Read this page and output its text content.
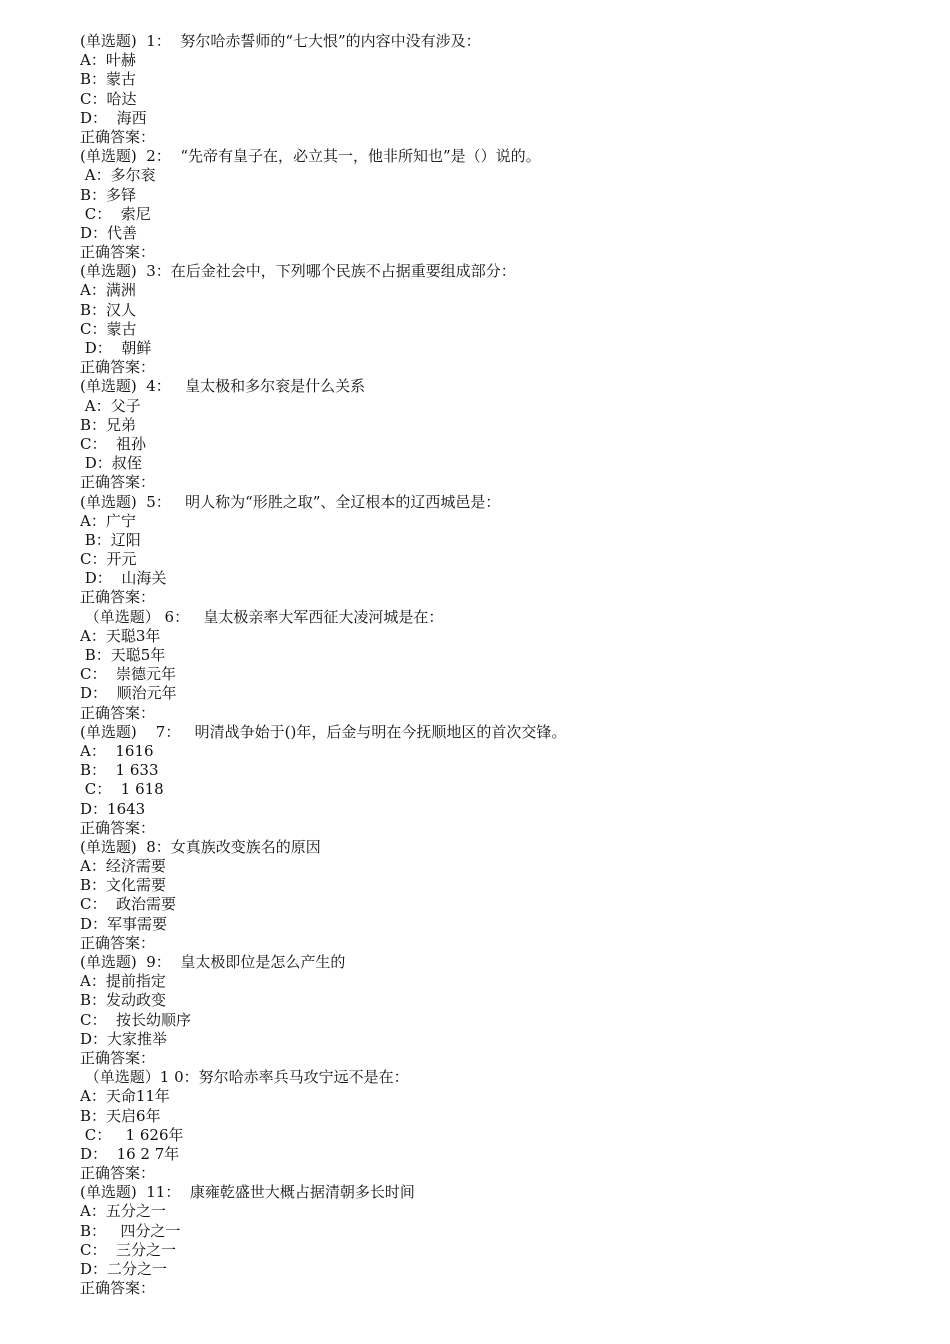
(单选题)  1：  努尔哈赤誓师的“七大恨”的内容中没有涉及：
A：叶赫
B：蒙古
C：哈达
D：  海西
正确答案：
(单选题)  2：  “先帝有皇子在，必立其一，他非所知也”是（）说的。
A：多尔衮
B：多铎
C：  索尼
D：代善
正确答案：
(单选题)  3：在后金社会中，下列哪个民族不占据重要组成部分：
A：满洲
B：汉人
C：蒙古
D：  朝鲜
正确答案：
(单选题)  4：   皇太极和多尔衮是什么关系
A：父子
B：兄弟
C：  祖孙
D：叔侄
正确答案：
(单选题)  5：   明人称为“形胜之取”、全辽根本的辽西城邑是：
A：广宁
B：辽阳
C：开元
D：  山海关
正确答案：
（单选题） 6：   皇太极亲率大军西征大凌河城是在：
A：天聪3年
B：天聪5年
C：  崇德元年
D：  顺治元年
正确答案：
(单选题)    7：   明清战争始于()年，后金与明在今抚顺地区的首次交锋。
A：  1616
B：  1 633
C：  1 618
D：1643
正确答案：
(单选题)  8：女真族改变族名的原因
A：经济需要
B：文化需要
C：  政治需要
D：军事需要
正确答案：
(单选题)  9：  皇太极即位是怎么产生的
A：提前指定
B：发动政变
C：  按长幼顺序
D：大家推举
正确答案：
（单选题）1 0：努尔哈赤率兵马攻宁远不是在：
A：天命11年
B：天启6年
C：   1 626年
D：  16 2 7年
正确答案：
(单选题)  11：  康雍乾盛世大概占据清朝多长时间
A：五分之一
B：   四分之一
C：  三分之一
D：二分之一
正确答案：
